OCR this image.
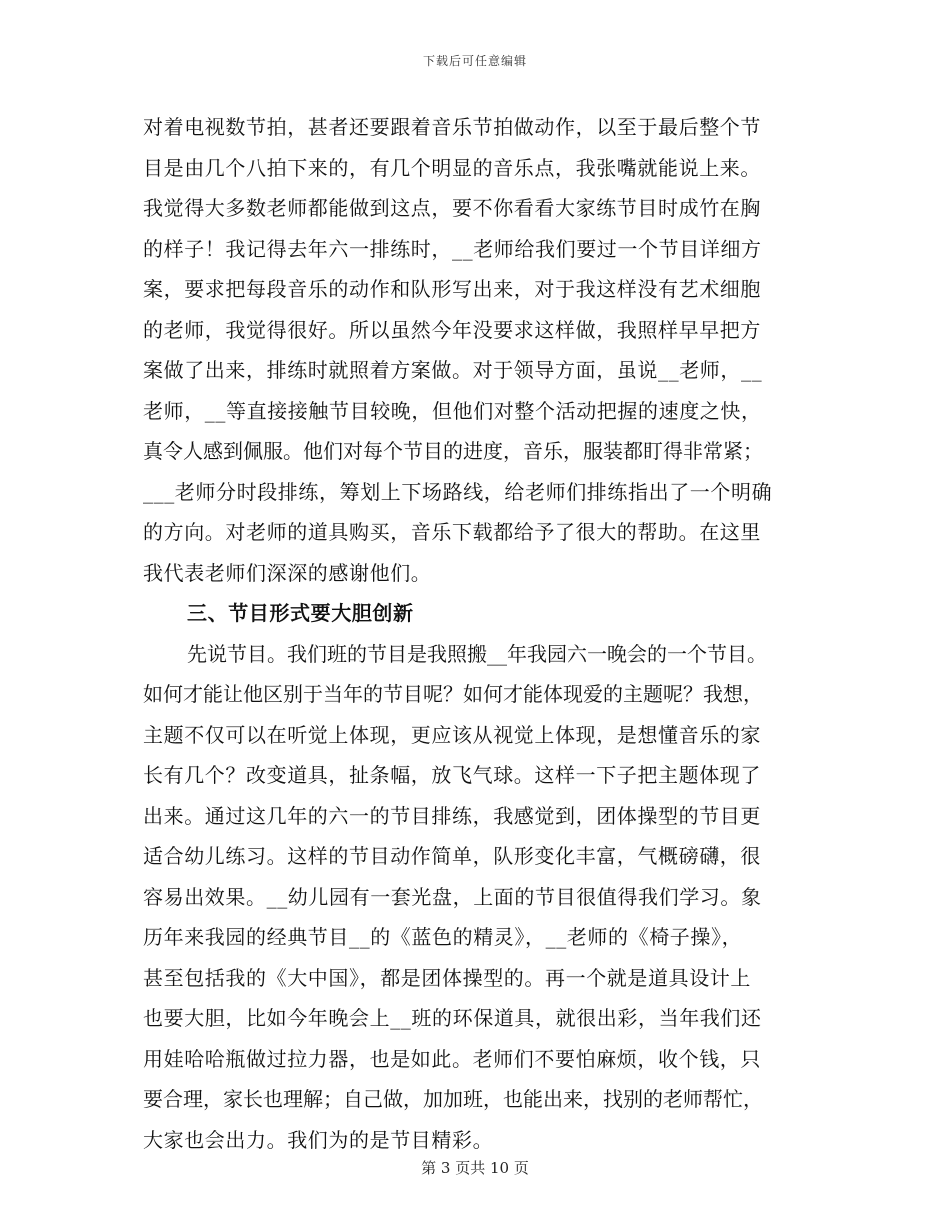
下载后可任意编辑
对着电视数节拍，甚者还要跟着音乐节拍做动作，以至于最后整个节
目是由几个八拍下来的，有几个明显的音乐点，我张嘴就能说上来。
我觉得大多数老师都能做到这点，要不你看看大家练节目时成竹在胸
的样子！我记得去年六一排练时，__老师给我们要过一个节目详细方
案，要求把每段音乐的动作和队形写出来，对于我这样没有艺术细胞
的老师，我觉得很好。所以虽然今年没要求这样做，我照样早早把方
案做了出来，排练时就照着方案做。对于领导方面，虽说__老师，__
老师，__等直接接触节目较晚，但他们对整个活动把握的速度之快，
真令人感到佩服。他们对每个节目的进度，音乐，服装都盯得非常紧；
___老师分时段排练，筹划上下场路线，给老师们排练指出了一个明确
的方向。对老师的道具购买，音乐下载都给予了很大的帮助。在这里
我代表老师们深深的感谢他们。
三、节目形式要大胆创新
先说节目。我们班的节目是我照搬__年我园六一晚会的一个节目。
如何才能让他区别于当年的节目呢？如何才能体现爱的主题呢？我想，
主题不仅可以在听觉上体现，更应该从视觉上体现，是想懂音乐的家
长有几个？改变道具，扯条幅，放飞气球。这样一下子把主题体现了
出来。通过这几年的六一的节目排练，我感觉到，团体操型的节目更
适合幼儿练习。这样的节目动作简单，队形变化丰富，气概磅礴，很
容易出效果。__幼儿园有一套光盘，上面的节目很值得我们学习。象
历年来我园的经典节目__的《蓝色的精灵》，__老师的《椅子操》，
甚至包括我的《大中国》，都是团体操型的。再一个就是道具设计上
也要大胆，比如今年晚会上__班的环保道具，就很出彩，当年我们还
用娃哈哈瓶做过拉力器，也是如此。老师们不要怕麻烦，收个钱，只
要合理，家长也理解；自己做，加加班，也能出来，找别的老师帮忙，
大家也会出力。我们为的是节目精彩。
第 3 页共 10 页
